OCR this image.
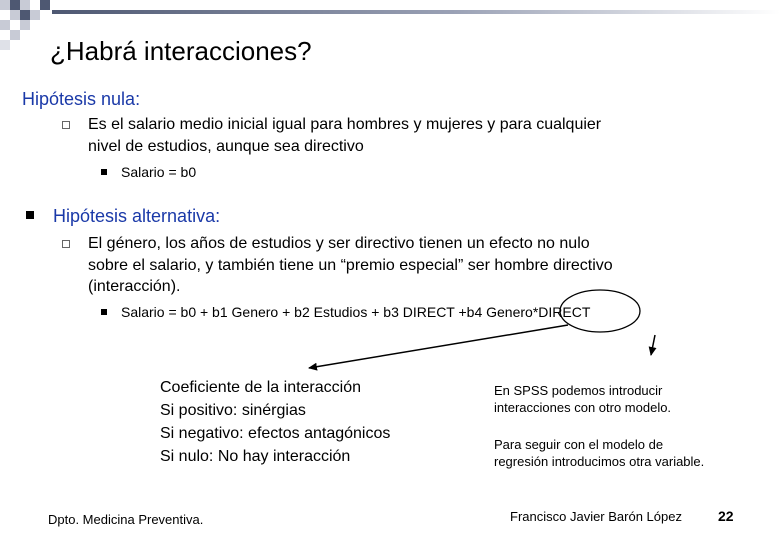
¿Habrá interacciones?
Hipótesis nula:
Es el salario medio inicial igual para hombres y mujeres y para cualquier
nivel de estudios, aunque sea directivo
Salario = b0
Hipótesis alternativa:
El género, los años de estudios y ser directivo tienen un efecto no nulo
sobre el salario, y también tiene un “premio especial” ser hombre directivo
(interacción).
Salario = b0 + b1 Genero + b2 Estudios + b3 DIRECT +b4 Genero*DIRECT
Coeficiente de la interacción
Si positivo: sinérgias
Si negativo: efectos antagónicos
Si nulo: No hay interacción
En SPSS podemos introducir
interacciones con otro modelo.
Para seguir con el modelo de
regresión introducimos otra variable.
Dpto. Medicina Preventiva.	Francisco Javier Barón López	22
